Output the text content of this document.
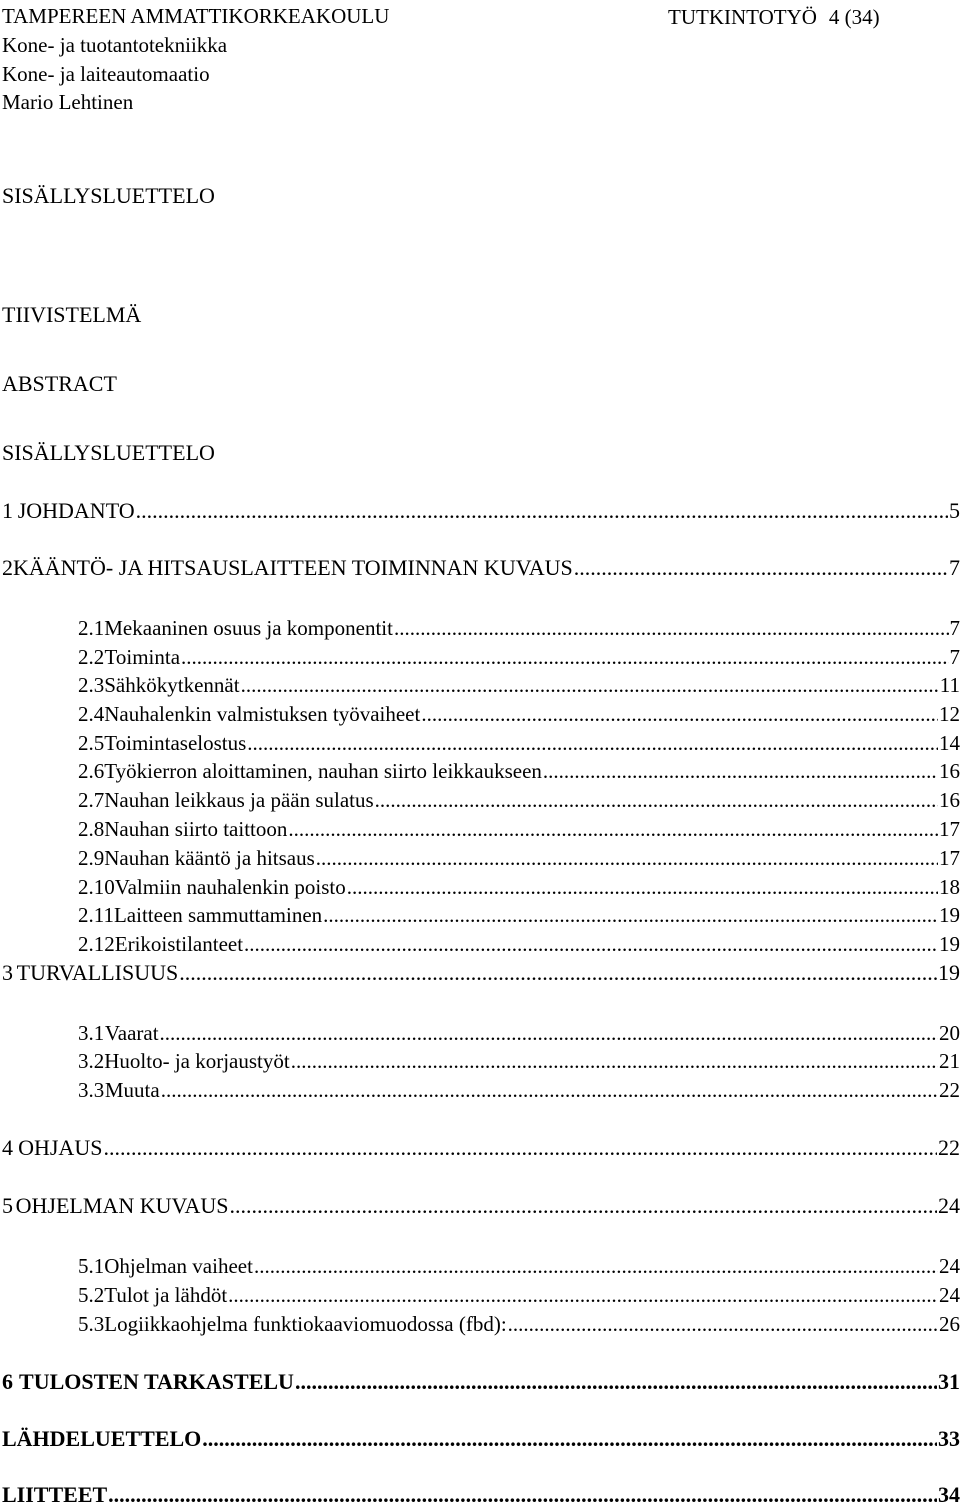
TAMPEREEN AMMATTIKORKEAKOULU	TUTKINTOTYÖ 4 (34)
Kone- ja tuotantotekniikka
Kone- ja laiteautomaatio
Mario Lehtinen
SISÄLLYSLUETTELO
TIIVISTELMÄ
ABSTRACT
SISÄLLYSLUETTELO
1 JOHDANTO .....	5
2 KÄÄNTÖ- JA HITSAUSLAITTEEN TOIMINNAN KUVAUS .....	7
2.1 Mekaaninen osuus ja komponentit .....	7
2.2 Toiminta .....	7
2.3 Sähkökytkennät .....	11
2.4 Nauhalenkin valmistuksen työvaiheet .....	12
2.5 Toimintaselostus .....	14
2.6 Työkierron aloittaminen, nauhan siirto leikkaukseen .....	16
2.7 Nauhan leikkaus ja pään sulatus .....	16
2.8 Nauhan siirto taittoon .....	17
2.9 Nauhan kääntö ja hitsaus .....	17
2.10 Valmiin nauhalenkin poisto .....	18
2.11 Laitteen sammuttaminen .....	19
2.12 Erikoistilanteet .....	19
3 TURVALLISUUS .....	19
3.1 Vaarat .....	20
3.2 Huolto- ja korjaustyöt .....	21
3.3 Muuta .....	22
4 OHJAUS .....	22
5 OHJELMAN KUVAUS .....	24
5.1 Ohjelman vaiheet .....	24
5.2 Tulot ja lähdöt .....	24
5.3 Logiikkaohjelma funktiokaaviomuodossa (fbd): .....	26
6 TULOSTEN TARKASTELU .....	31
LÄHDELUETTELO .....	33
LIITTEET .....	34
